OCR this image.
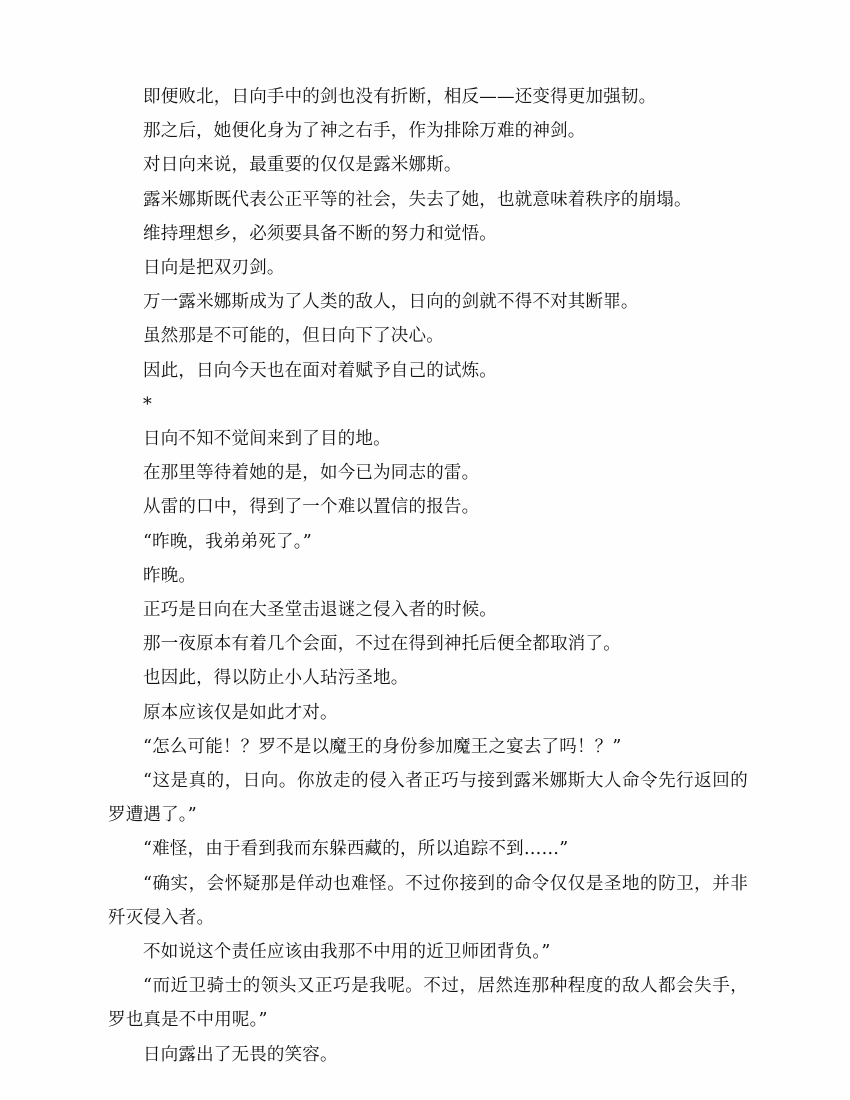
即便败北，日向手中的剑也没有折断，相反——还变得更加强韧。

那之后，她便化身为了神之右手，作为排除万难的神剑。

对日向来说，最重要的仅仅是露米娜斯。

露米娜斯既代表公正平等的社会，失去了她，也就意味着秩序的崩塌。

维持理想乡，必须要具备不断的努力和觉悟。

日向是把双刃剑。

万一露米娜斯成为了人类的敌人，日向的剑就不得不对其断罪。

虽然那是不可能的，但日向下了决心。

因此，日向今天也在面对着赋予自己的试炼。

*

日向不知不觉间来到了目的地。

在那里等待着她的是，如今已为同志的雷。

从雷的口中，得到了一个难以置信的报告。

“昨晚，我弟弟死了。”

昨晚。

正巧是日向在大圣堂击退谜之侵入者的时候。

那一夜原本有着几个会面，不过在得到神托后便全都取消了。

也因此，得以防止小人玷污圣地。

原本应该仅是如此才对。

“怎么可能！？罗不是以魔王的身份参加魔王之宴去了吗！？”

“这是真的，日向。你放走的侵入者正巧与接到露米娜斯大人命令先行返回的罗遭遇了。”

“难怪，由于看到我而东躲西藏的，所以追踪不到……”

“确实，会怀疑那是佯动也难怪。不过你接到的命令仅仅是圣地的防卫，并非歼灭侵入者。

不如说这个责任应该由我那不中用的近卫师团背负。”

“而近卫骑士的领头又正巧是我呢。不过，居然连那种程度的敌人都会失手，罗也真是不中用呢。”

日向露出了无畏的笑容。
